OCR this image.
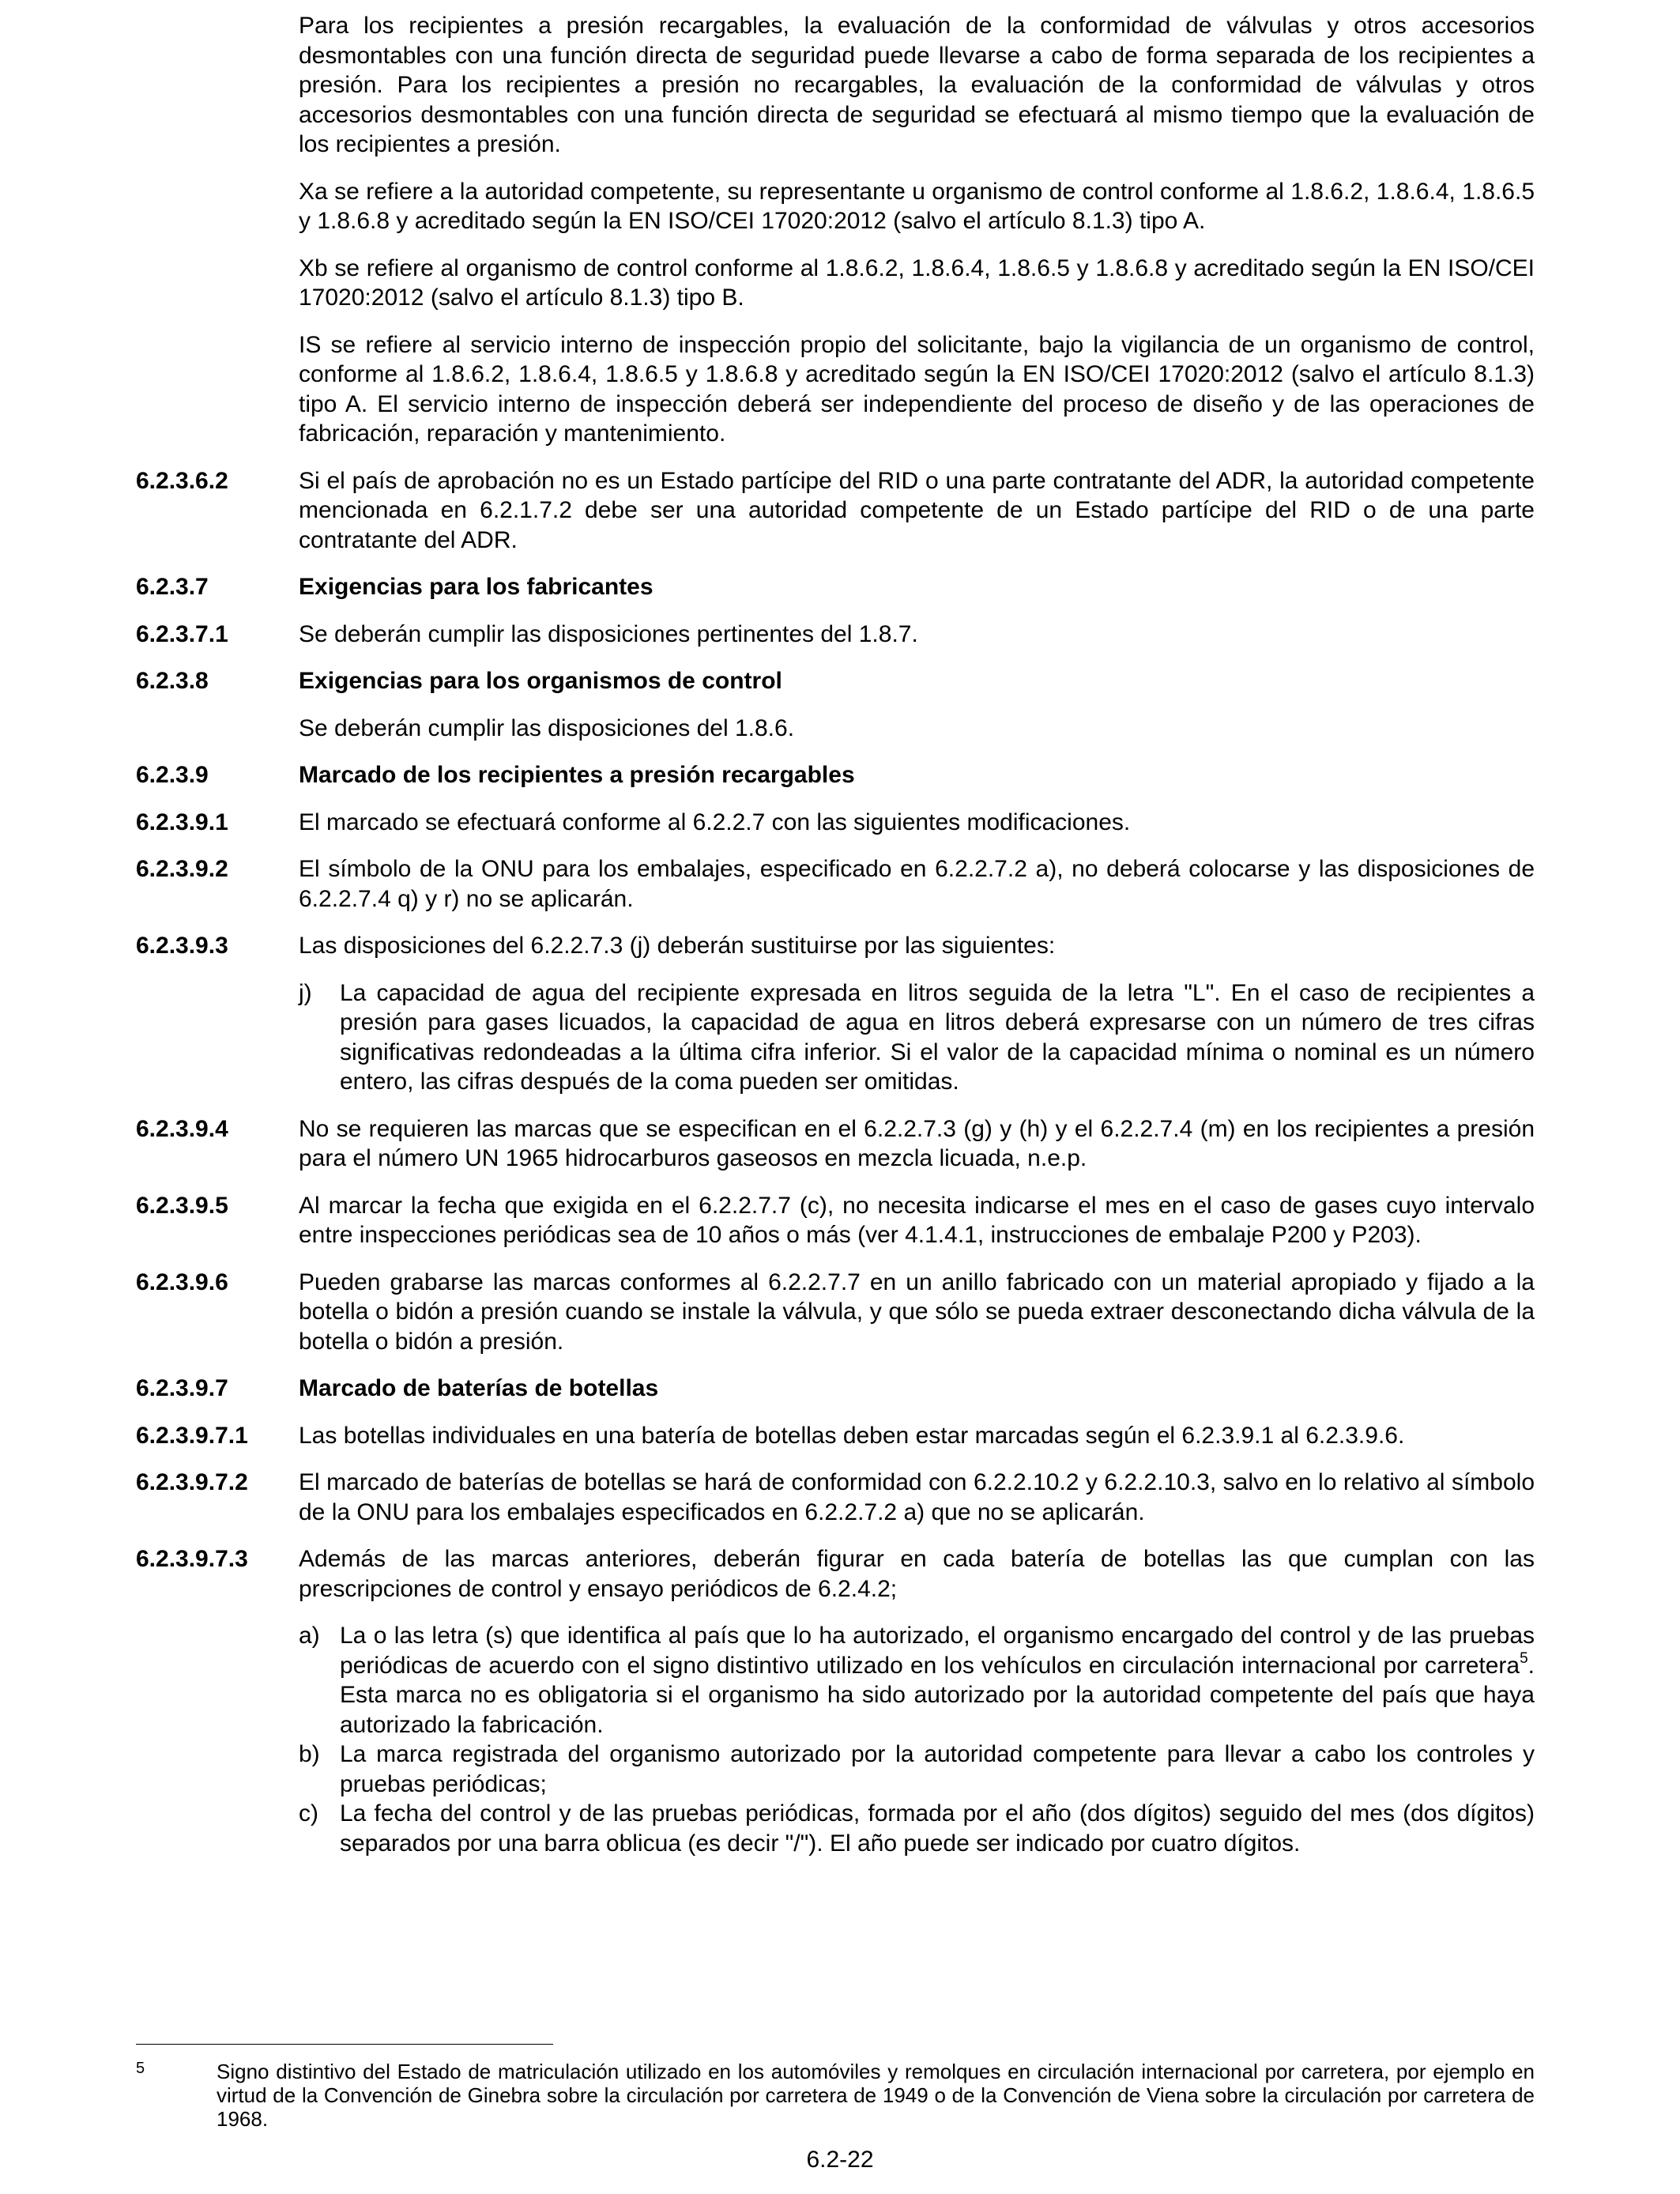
Para los recipientes a presión recargables, la evaluación de la conformidad de válvulas y otros accesorios desmontables con una función directa de seguridad puede llevarse a cabo de forma separada de los recipientes a presión. Para los recipientes a presión no recargables, la evaluación de la conformidad de válvulas y otros accesorios desmontables con una función directa de seguridad se efectuará al mismo tiempo que la evaluación de los recipientes a presión.
Xa se refiere a la autoridad competente, su representante u organismo de control conforme al 1.8.6.2, 1.8.6.4, 1.8.6.5 y 1.8.6.8 y acreditado según la EN ISO/CEI 17020:2012 (salvo el artículo 8.1.3) tipo A.
Xb se refiere al organismo de control conforme al 1.8.6.2, 1.8.6.4, 1.8.6.5 y 1.8.6.8 y acreditado según la EN ISO/CEI 17020:2012 (salvo el artículo 8.1.3) tipo B.
IS se refiere al servicio interno de inspección propio del solicitante, bajo la vigilancia de un organismo de control, conforme al 1.8.6.2, 1.8.6.4, 1.8.6.5 y 1.8.6.8 y acreditado según la EN ISO/CEI 17020:2012 (salvo el artículo 8.1.3) tipo A. El servicio interno de inspección deberá ser independiente del proceso de diseño y de las operaciones de fabricación, reparación y mantenimiento.
6.2.3.6.2	Si el país de aprobación no es un Estado partícipe del RID o una parte contratante del ADR, la autoridad competente mencionada en 6.2.1.7.2 debe ser una autoridad competente de un Estado partícipe del RID o de una parte contratante del ADR.
6.2.3.7	Exigencias para los fabricantes
6.2.3.7.1	Se deberán cumplir las disposiciones pertinentes del 1.8.7.
6.2.3.8	Exigencias para los organismos de control
Se deberán cumplir las disposiciones del 1.8.6.
6.2.3.9	Marcado de los recipientes a presión recargables
6.2.3.9.1	El marcado se efectuará conforme al 6.2.2.7 con las siguientes modificaciones.
6.2.3.9.2	El símbolo de la ONU para los embalajes, especificado en 6.2.2.7.2 a), no deberá colocarse y las disposiciones de 6.2.2.7.4 q) y r) no se aplicarán.
6.2.3.9.3	Las disposiciones del 6.2.2.7.3 (j) deberán sustituirse por las siguientes:
j)	La capacidad de agua del recipiente expresada en litros seguida de la letra "L". En el caso de recipientes a presión para gases licuados, la capacidad de agua en litros deberá expresarse con un número de tres cifras significativas redondeadas a la última cifra inferior. Si el valor de la capacidad mínima o nominal es un número entero, las cifras después de la coma pueden ser omitidas.
6.2.3.9.4	No se requieren las marcas que se especifican en el 6.2.2.7.3 (g) y (h) y el 6.2.2.7.4 (m) en los recipientes a presión para el número UN 1965 hidrocarburos gaseosos en mezcla licuada, n.e.p.
6.2.3.9.5	Al marcar la fecha que exigida en el 6.2.2.7.7 (c), no necesita indicarse el mes en el caso de gases cuyo intervalo entre inspecciones periódicas sea de 10 años o más (ver 4.1.4.1, instrucciones de embalaje P200 y P203).
6.2.3.9.6	Pueden grabarse las marcas conformes al 6.2.2.7.7 en un anillo fabricado con un material apropiado y fijado a la botella o bidón a presión cuando se instale la válvula, y que sólo se pueda extraer desconectando dicha válvula de la botella o bidón a presión.
6.2.3.9.7	Marcado de baterías de botellas
6.2.3.9.7.1	Las botellas individuales en una batería de botellas deben estar marcadas según el 6.2.3.9.1 al 6.2.3.9.6.
6.2.3.9.7.2	El marcado de baterías de botellas se hará de conformidad con 6.2.2.10.2 y 6.2.2.10.3, salvo en lo relativo al símbolo de la ONU para los embalajes especificados en 6.2.2.7.2 a) que no se aplicarán.
6.2.3.9.7.3	Además de las marcas anteriores, deberán figurar en cada batería de botellas las que cumplan con las prescripciones de control y ensayo periódicos de 6.2.4.2;
a) La o las letra (s) que identifica al país que lo ha autorizado, el organismo encargado del control y de las pruebas periódicas de acuerdo con el signo distintivo utilizado en los vehículos en circulación internacional por carretera$^5$. Esta marca no es obligatoria si el organismo ha sido autorizado por la autoridad competente del país que haya autorizado la fabricación.
b) La marca registrada del organismo autorizado por la autoridad competente para llevar a cabo los controles y pruebas periódicas;
c) La fecha del control y de las pruebas periódicas, formada por el año (dos dígitos) seguido del mes (dos dígitos) separados por una barra oblicua (es decir "/"). El año puede ser indicado por cuatro dígitos.
5	Signo distintivo del Estado de matriculación utilizado en los automóviles y remolques en circulación internacional por carretera, por ejemplo en virtud de la Convención de Ginebra sobre la circulación por carretera de 1949 o de la Convención de Viena sobre la circulación por carretera de 1968.
6.2-22
